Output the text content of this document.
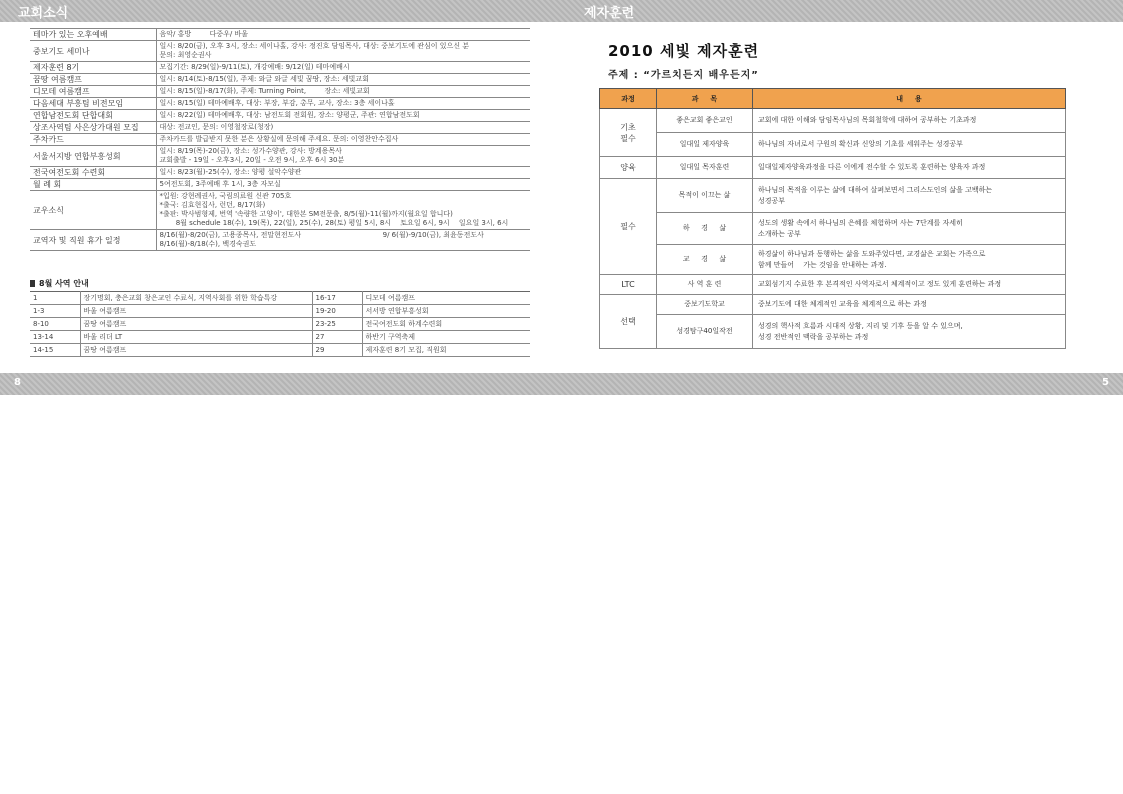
교회소식	제자훈련
테마가 있는 오후예배	음악/ 홍방 　　 다중우/ 바울

중보기도 세미나	일시: 8/20(금), 오후 3시, 장소: 세이나홀, 강사: 정진호 담임목사, 대상: 중보기도에 관심이 있으신 분
문의: 최영순권사

제자훈련 8기	모집기간: 8/29(일)-9/11(토), 개강예배: 9/12(일) 테마예배시

꿈땅 여름캠프	일시: 8/14(토)-8/15(일), 주제: 와글 와글 세빛 꿈땅, 장소: 세빛교회

디모데 여름캠프	일시: 8/15(일)-8/17(화), 주제: Turning Point, 　　 장소: 세빛교회

다음세대 부흥팀 비전모임	일시: 8/15(일) 테마예배후, 대상: 부장, 부감, 총무, 교사, 장소: 3층 세이나홀

연합남전도회 단합대회	일시: 8/22(일) 테마예배후, 대상: 남전도회 전회원, 장소: 양평군, 주관: 연합남전도회

상조사역팀 사은상가대원 모집	대상: 전교인, 문의: 이영철장로(청장)

주차카드	주차카드를 발급받지 못한 분은 상황실에 문의해 주세요. 문의: 이영찬안수집사

서울서지방 연합부흥성회	일시: 8/19(목)-20(금), 장소: 성가수양관, 강사: 방계용목사
교회출발 - 19일 - 오후3시, 20일 - 오전 9시, 오후 6시 30분

전국여전도회 수련회	일시: 8/23(월)-25(수), 장소: 양평 설악수양관

월 례 회	5여전도회, 3주예배 후 1시, 3층 자모실

교우소식	*입원: 강현례권사, 국림의료원 신관 705호
*출국: 김효현집사, 런던, 8/17(화)
*출판: 박사범형제, 번역 '속량한 고양이', 대한본 SM전문출, 8/5(월)-11(월)까지(월요일 합니다)
　　 8월 schedule 18(수), 19(목), 22(일), 25(수), 28(토) 평일 5시, 8시 　토요일 6시, 9시 　일요일 3시, 6시

교역자 및 직원 휴가 일정	8/16(월)-8/20(금), 고용종목사, 전말현전도사 　　　　　　　　　　　 9/ 6(월)-9/10(금), 최윤동전도사
8/16(월)-8/18(수), 백경숙권도
8월 사역 안내
1	장기명회, 충은교회 창은교인 수료식, 지역사회를 위한 학습특강	16-17	디모데 여름캠프
1-3	바울 여름캠프	19-20	서서방 연합부흥성회
8-10	꿈땅 여름캠프	23-25	전국여전도회 하계수련회
13-14	바울 리더 LT	27	하반기 구역축제
14-15	꿈땅 여름캠프	29	제자훈련 8기 모집, 직원회
2010 세빛 제자훈련
주제 : “가르치든지 배우든지”
과정	과 　 목	내 　 용

기초
필수	좋은교회 좋은교인	교회에 대한 이해와 담임목사님의 목회철학에 대하여 공부하는 기초과정

	일대일 제자양육	하나님의 자녀로서 구원의 확신과 신앙의 기초를 세워주는 성경공부

양육	일대일 목자훈련	일대일제자양육과정을 다른 이에게 전수할 수 있도록 훈련하는 양육자 과정

필수	목적이 이끄는 삶	하나님의 목적을 이루는 삶에 대하여 살펴보면서 그리스도인의 삶을 고백하는
성경공부

	하 　 경 　 삶	성도의 생활 속에서 하나님의 은혜를 체험하며 사는 7단계를 자세히
소개하는 공부

	교 　 경 　 삶	하경삶이 하나님과 동행하는 삶을 도와주었다면, 교경삶은 교회는 가족으로
함께 만들어 　가는 것임을 안내하는 과정.

LTC	사 역 훈 련	교회섬기지 수료한 후 본격적인 사역자로서 체계적이고 정도 있게 훈련하는 과정

선택	중보기도학교	중보기도에 대한 체계적인 교육을 체계적으로 하는 과정

	성경탐구40일작전	성경의 핵사적 흐름과 시대적 상황, 지리 및 기후 등을 알 수 있으며,
성경 전반적인 맥락을 공부하는 과정
8	5
